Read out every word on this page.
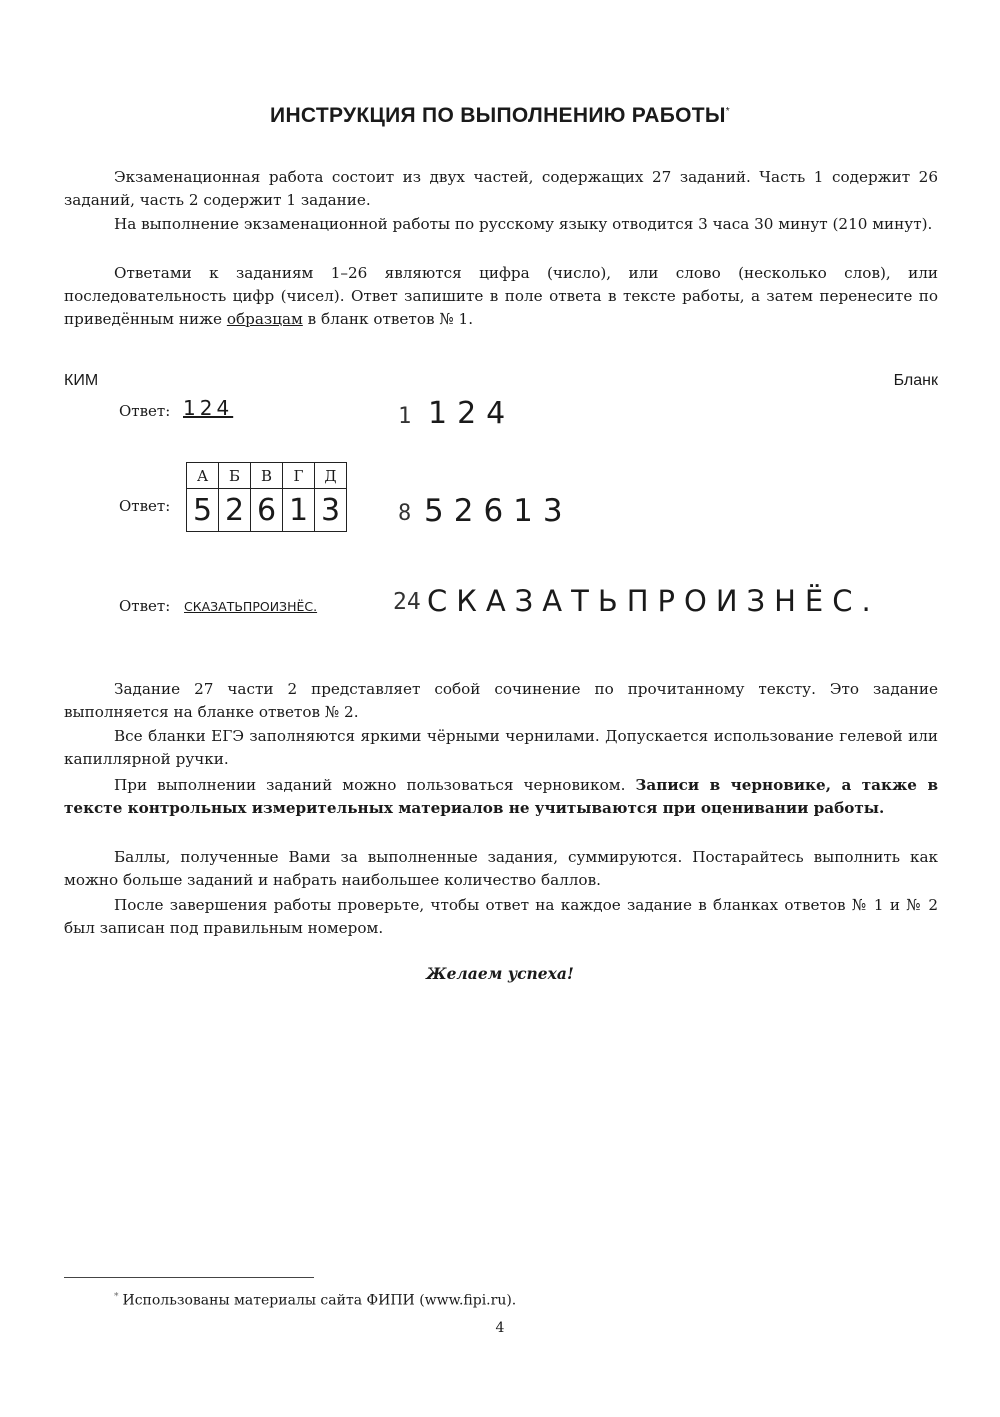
ИНСТРУКЦИЯ ПО ВЫПОЛНЕНИЮ РАБОТЫ*

Экзаменационная работа состоит из двух частей, содержащих 27 заданий. Часть 1 содержит 26 заданий, часть 2 содержит 1 задание.

На выполнение экзаменационной работы по русскому языку отводится 3 часа 30 минут (210 минут).

Ответами к заданиям 1–26 являются цифра (число), или слово (несколько слов), или последовательность цифр (чисел). Ответ запишите в поле ответа в тексте работы, а затем перенесите по приведённым ниже образцам в бланк ответов № 1.

КИМ	Бланк
Ответ: 124	1 124
Ответ:
А	Б	В	Г	Д
5	2	6	1	3	8 52613
Ответ: СКАЗАТЬПРОИЗНЁС.	24 СКАЗАТЬПРОИЗНЁС.

Задание 27 части 2 представляет собой сочинение по прочитанному тексту. Это задание выполняется на бланке ответов № 2.

Все бланки ЕГЭ заполняются яркими чёрными чернилами. Допускается использование гелевой или капиллярной ручки.

При выполнении заданий можно пользоваться черновиком. Записи в черновике, а также в тексте контрольных измерительных материалов не учитываются при оценивании работы.

Баллы, полученные Вами за выполненные задания, суммируются. Постарайтесь выполнить как можно больше заданий и набрать наибольшее количество баллов.

После завершения работы проверьте, чтобы ответ на каждое задание в бланках ответов № 1 и № 2 был записан под правильным номером.

Желаем успеха!
* Использованы материалы сайта ФИПИ (www.fipi.ru).
4
